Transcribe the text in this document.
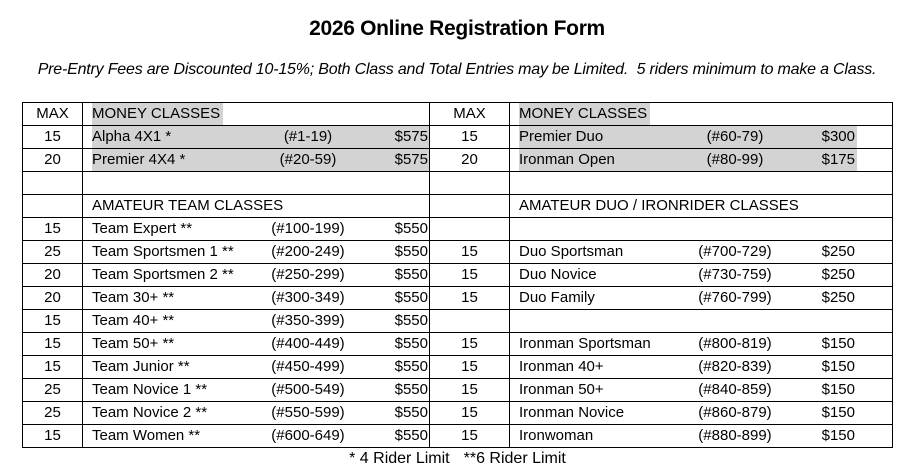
2026 Online Registration Form
Pre-Entry Fees are Discounted 10-15%; Both Class and Total Entries may be Limited.  5 riders minimum to make a Class.
MAX	MONEY CLASSES	MAX	MONEY CLASSES
15	Alpha 4X1 *	(#1-19)	$575	15	Premier Duo	(#60-79)	$300
20	Premier 4X4 *	(#20-59)	$575	20	Ironman Open	(#80-99)	$175
AMATEUR TEAM CLASSES	AMATEUR DUO / IRONRIDER CLASSES
15	Team Expert **	(#100-199)	$550
25	Team Sportsmen 1 **	(#200-249)	$550	15	Duo Sportsman	(#700-729)	$250
20	Team Sportsmen 2 **	(#250-299)	$550	15	Duo Novice	(#730-759)	$250
20	Team 30+ **	(#300-349)	$550	15	Duo Family	(#760-799)	$250
15	Team 40+ **	(#350-399)	$550
15	Team 50+ **	(#400-449)	$550	15	Ironman Sportsman	(#800-819)	$150
15	Team Junior **	(#450-499)	$550	15	Ironman 40+	(#820-839)	$150
25	Team Novice 1 **	(#500-549)	$550	15	Ironman 50+	(#840-859)	$150
25	Team Novice 2 **	(#550-599)	$550	15	Ironman Novice	(#860-879)	$150
15	Team Women **	(#600-649)	$550	15	Ironwoman	(#880-899)	$150
* 4 Rider Limit **6 Rider Limit
